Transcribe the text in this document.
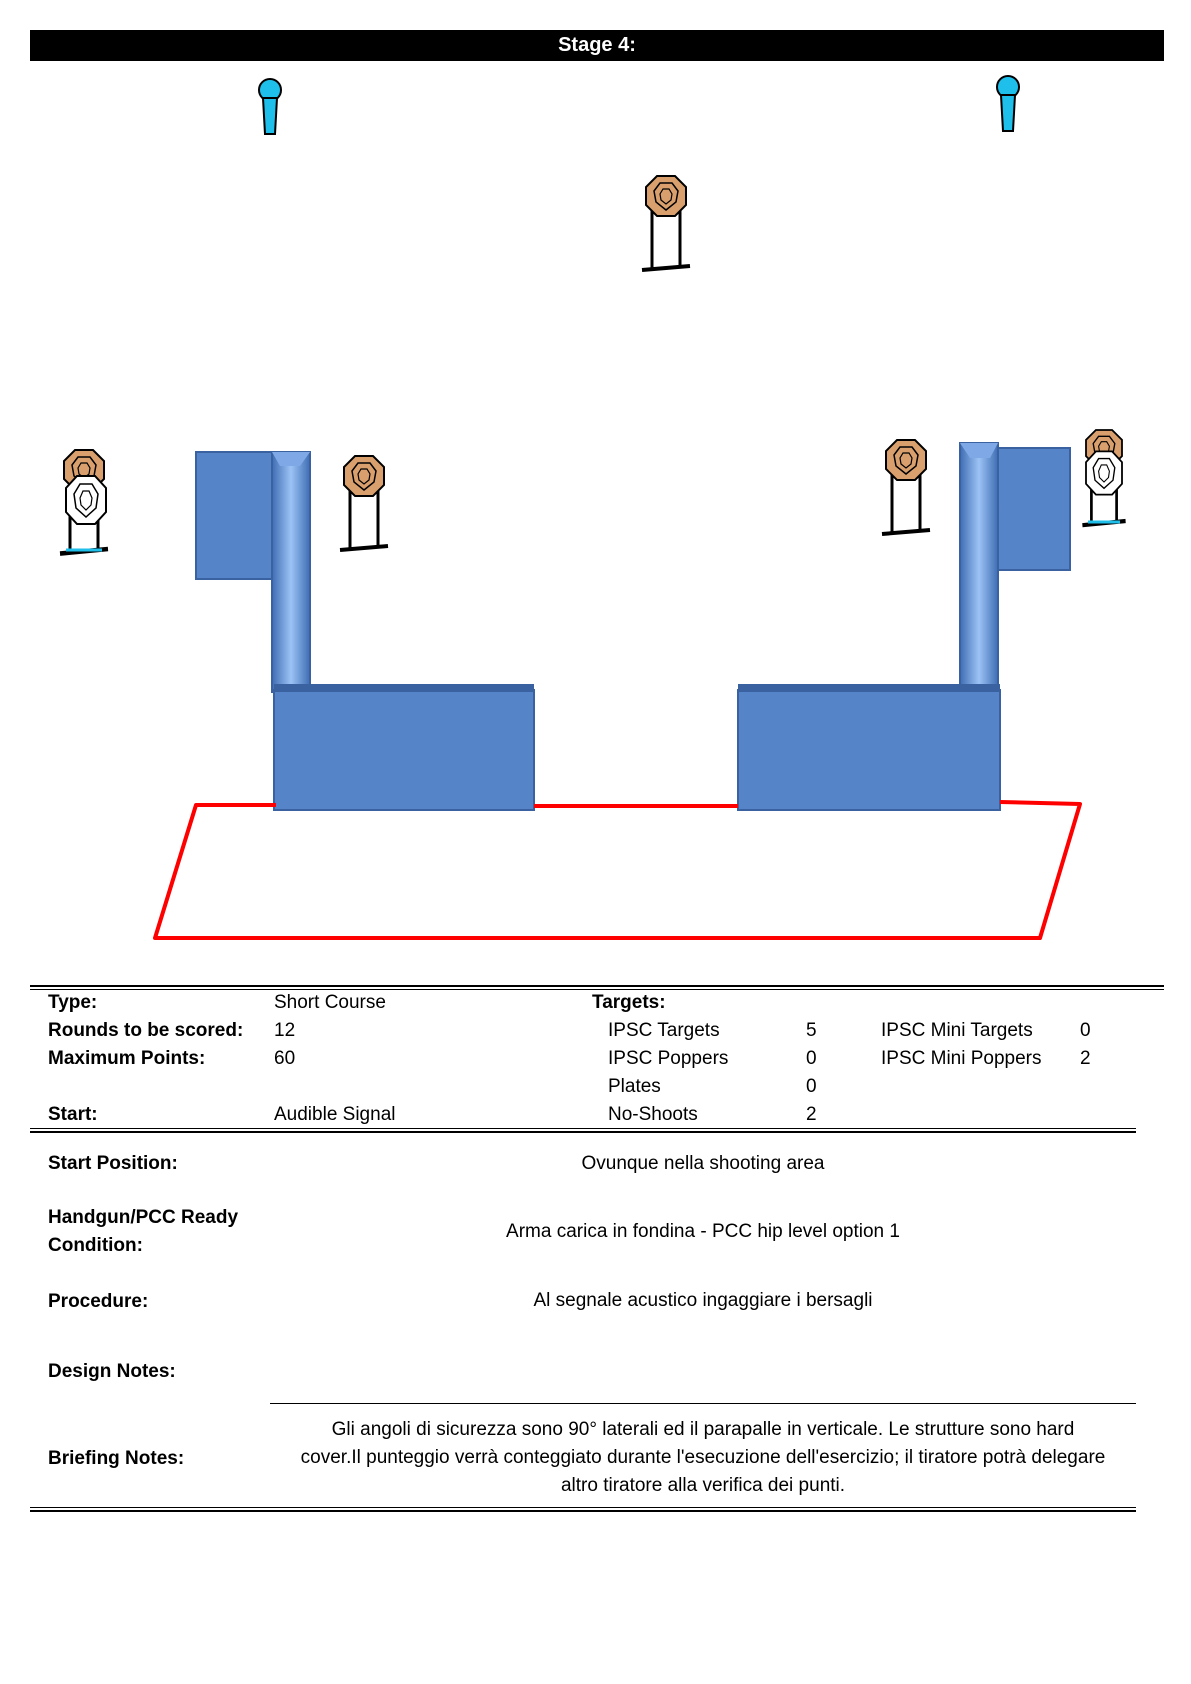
Stage 4:
Type:	Short Course	Targets:
Rounds to be scored: 12	IPSC Targets	5	IPSC Mini Targets 0
Maximum Points:	60	IPSC Poppers	0	IPSC Mini Poppers 2
Plates	0
Start:	Audible Signal	No-Shoots	2
Start Position:	Ovunque nella shooting area
Handgun/PCC Ready
Condition:
Arma carica in fondina - PCC hip level option 1
Procedure:	Al segnale acustico ingaggiare i bersagli
Design Notes:
Briefing Notes:
Gli angoli di sicurezza sono 90° laterali ed il parapalle in verticale. Le strutture sono hard cover.Il punteggio verrà conteggiato durante l'esecuzione dell'esercizio; il tiratore potrà delegare altro tiratore alla verifica dei punti.
